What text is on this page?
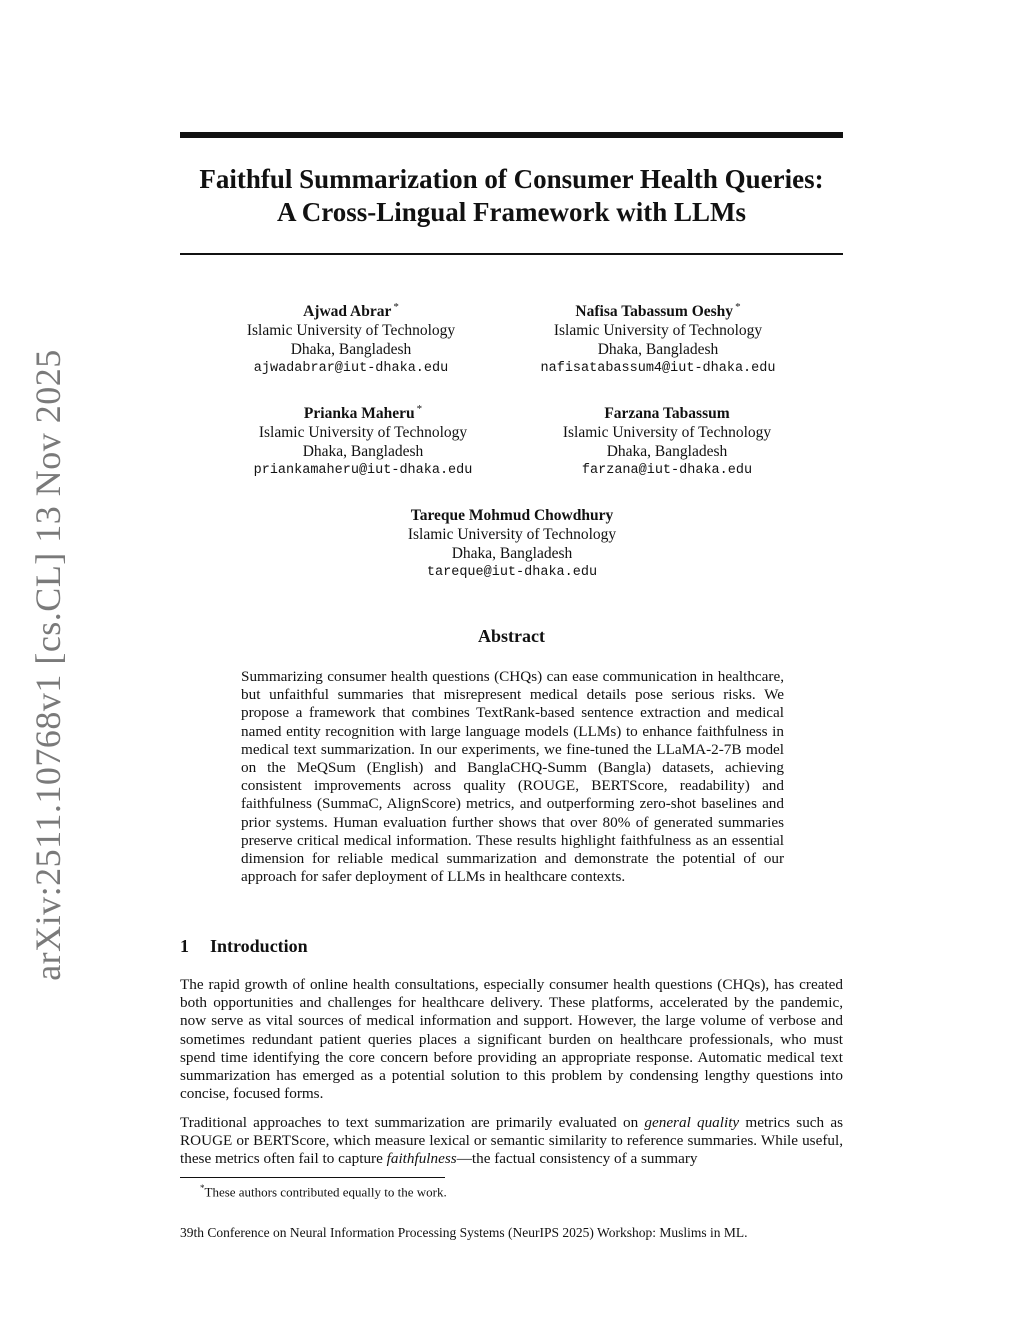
arXiv:2511.10768v1 [cs.CL] 13 Nov 2025
Faithful Summarization of Consumer Health Queries:
A Cross-Lingual Framework with LLMs
Ajwad Abrar *
Islamic University of Technology
Dhaka, Bangladesh
ajwadabrar@iut-dhaka.edu
Nafisa Tabassum Oeshy *
Islamic University of Technology
Dhaka, Bangladesh
nafisatabassum4@iut-dhaka.edu
Prianka Maheru *
Islamic University of Technology
Dhaka, Bangladesh
priankamaheru@iut-dhaka.edu
Farzana Tabassum
Islamic University of Technology
Dhaka, Bangladesh
farzana@iut-dhaka.edu
Tareque Mohmud Chowdhury
Islamic University of Technology
Dhaka, Bangladesh
tareque@iut-dhaka.edu
Abstract
Summarizing consumer health questions (CHQs) can ease communication in healthcare, but unfaithful summaries that misrepresent medical details pose serious risks. We propose a framework that combines TextRank-based sentence extraction and medical named entity recognition with large language models (LLMs) to enhance faithfulness in medical text summarization. In our experiments, we fine-tuned the LLaMA-2-7B model on the MeQSum (English) and BanglaCHQ-Summ (Bangla) datasets, achieving consistent improvements across quality (ROUGE, BERTScore, readability) and faithfulness (SummaC, AlignScore) metrics, and outperforming zero-shot baselines and prior systems. Human evaluation further shows that over 80% of generated summaries preserve critical medical information. These results highlight faithfulness as an essential dimension for reliable medical summarization and demonstrate the potential of our approach for safer deployment of LLMs in healthcare contexts.
1 Introduction
The rapid growth of online health consultations, especially consumer health questions (CHQs), has created both opportunities and challenges for healthcare delivery. These platforms, accelerated by the pandemic, now serve as vital sources of medical information and support. However, the large volume of verbose and sometimes redundant patient queries places a significant burden on healthcare professionals, who must spend time identifying the core concern before providing an appropriate response. Automatic medical text summarization has emerged as a potential solution to this problem by condensing lengthy questions into concise, focused forms.
Traditional approaches to text summarization are primarily evaluated on general quality metrics such as ROUGE or BERTScore, which measure lexical or semantic similarity to reference summaries. While useful, these metrics often fail to capture faithfulness—the factual consistency of a summary
*These authors contributed equally to the work.
39th Conference on Neural Information Processing Systems (NeurIPS 2025) Workshop: Muslims in ML.
